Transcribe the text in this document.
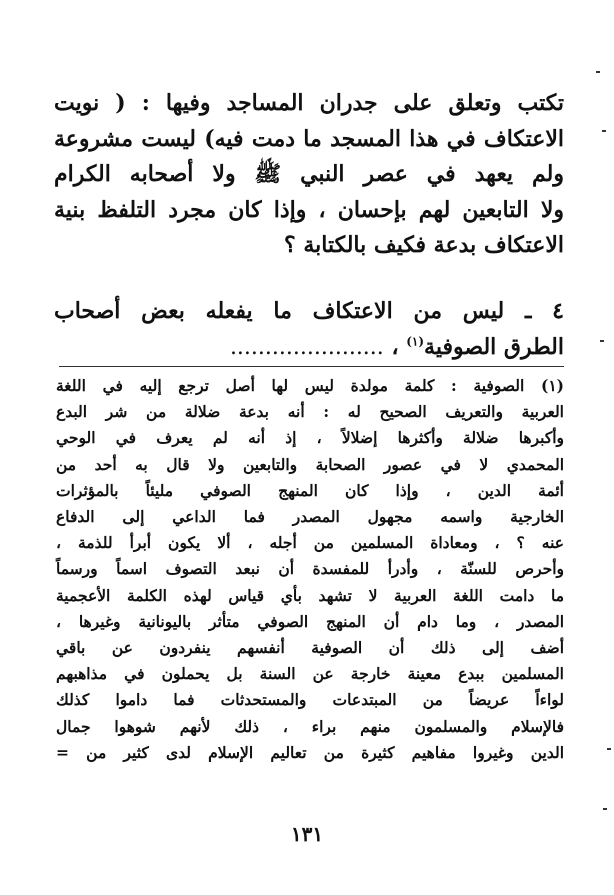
تكتب وتعلق على جدران المساجد وفيها : ( نويت
الاعتكاف في هذا المسجد ما دمت فيه) ليست مشروعة
ولم يعهد في عصر النبي ﷺ ولا أصحابه الكرام
ولا التابعين لهم بإحسان ، وإذا كان مجرد التلفظ بنية
الاعتكاف بدعة فكيف بالكتابة ؟
٤ ـ ليس من الاعتكاف ما يفعله بعض أصحاب
الطرق الصوفية$^{(١)}$ ، ......................
(١) الصوفية : كلمة مولدة ليس لها أصل ترجع إليه في اللغة
العربية والتعريف الصحيح له : أنه بدعة ضلالة من شر البدع
وأكبرها ضلالة وأكثرها إضلالاً ، إذ أنه لم يعرف في الوحي
المحمدي لا في عصور الصحابة والتابعين ولا قال به أحد من
أئمة الدين ، وإذا كان المنهج الصوفي مليئاً بالمؤثرات
الخارجية واسمه مجهول المصدر فما الداعي إلى الدفاع
عنه ؟ ، ومعاداة المسلمين من أجله ، ألا يكون أبرأ للذمة ،
وأحرص للسنّة ، وأدرأ للمفسدة أن نبعد التصوف اسماً ورسماً
ما دامت اللغة العربية لا تشهد بأي قياس لهذه الكلمة الأعجمية
المصدر ، وما دام أن المنهج الصوفي متأثر باليونانية وغيرها ،
أضف إلى ذلك أن الصوفية أنفسهم ينفردون عن باقي
المسلمين ببدع معينة خارجة عن السنة بل يحملون في مذاهبهم
لواءاً عريضاً من المبتدعات والمستحدثات فما داموا كذلك
فالإسلام والمسلمون منهم براء ، ذلك لأنهم شوهوا جمال
الدين وغيروا مفاهيم كثيرة من تعاليم الإسلام لدى كثير من =
١٣١
